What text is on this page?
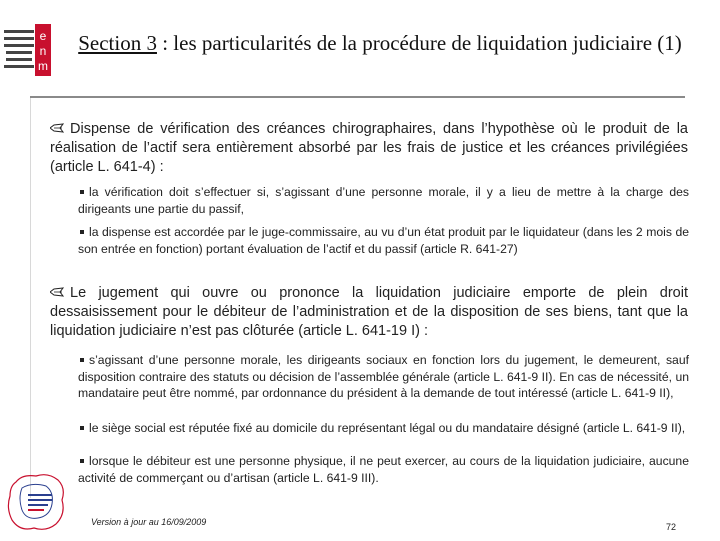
e
n
m
Section 3 : les particularités de la procédure de liquidation judiciaire (1)
Dispense de vérification des créances chirographaires, dans l’hypothèse où le produit de la réalisation de l’actif sera entièrement absorbé par les frais de justice et les créances privilégiées (article L. 641-4) :
la vérification doit s’effectuer si, s’agissant d’une personne morale, il y a lieu de mettre à la charge des dirigeants une partie du passif,
la dispense est accordée par le juge-commissaire, au vu d’un état produit par le liquidateur (dans les 2 mois de son entrée en fonction) portant évaluation de l’actif et du passif (article R. 641-27)
Le jugement qui ouvre ou prononce la liquidation judiciaire emporte de plein droit dessaisissement pour le débiteur de l’administration et de la disposition de ses biens, tant que la liquidation judiciaire n’est pas clôturée (article L. 641-19 I) :
s’agissant d’une personne morale, les dirigeants sociaux en fonction lors du jugement, le demeurent, sauf disposition contraire des statuts ou décision de l’assemblée générale (article L. 641-9 II). En cas de nécessité, un mandataire peut être nommé, par ordonnance du président à la demande de tout intéressé (article L. 641-9 II),
le siège social est réputée fixé au domicile du représentant légal ou du mandataire désigné (article L. 641-9 II),
lorsque le débiteur est une personne physique, il ne peut exercer, au cours de la liquidation judiciaire, aucune activité de commerçant ou d’artisan (article L. 641-9 III).
Version à jour au 16/09/2009	72
